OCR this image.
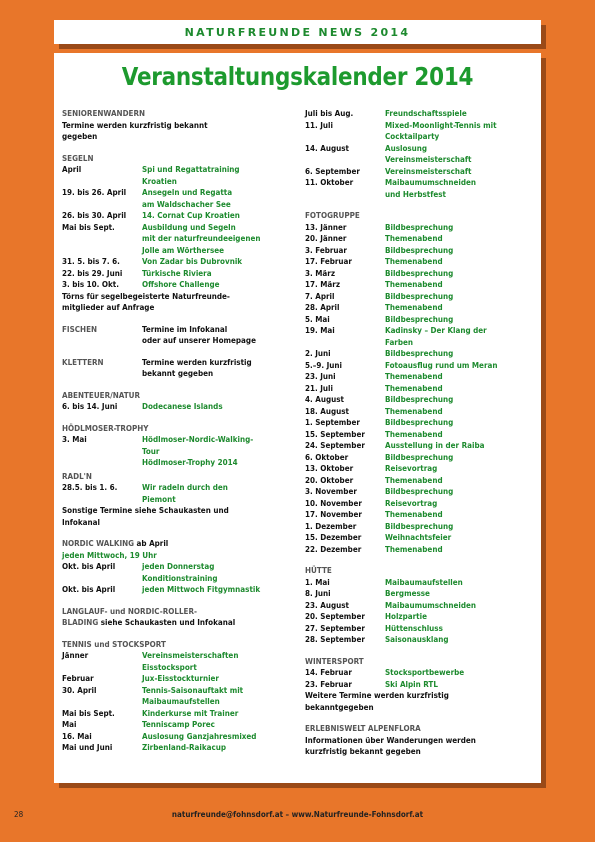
NATURFREUNDE NEWS 2014
Veranstaltungskalender 2014
SENIORENWANDERN
Termine werden kurzfristig bekannt
gegeben
SEGELN
April	Spi und Regattatraining
Kroatien
19. bis 26. April	Ansegeln und Regatta
am Waldschacher See
26. bis 30. April	14. Cornat Cup Kroatien
Mai bis Sept.	Ausbildung und Segeln
mit der naturfreundeeigenen
Jolle am Wörthersee
31. 5. bis 7. 6.	Von Zadar bis Dubrovnik
22. bis 29. Juni	Türkische Riviera
3. bis 10. Okt.	Offshore Challenge
Törns für segelbegeisterte Naturfreunde-
mitglieder auf Anfrage
FISCHEN	Termine im Infokanal
oder auf unserer Homepage
KLETTERN	Termine werden kurzfristig
bekannt gegeben
ABENTEUER/NATUR
6. bis 14. Juni	Dodecanese Islands
HÖDLMOSER-TROPHY
3. Mai	Hödlmoser-Nordic-Walking-
Tour
Hödlmoser-Trophy 2014
RADL'N
28.5. bis 1. 6.	Wir radeln durch den
Piemont
Sonstige Termine siehe Schaukasten und
Infokanal
NORDIC WALKING ab April
jeden Mittwoch, 19 Uhr
Okt. bis April	jeden Donnerstag
Konditionstraining
Okt. bis April	jeden Mittwoch Fitgymnastik
LANGLAUF- und NORDIC-ROLLER-
BLADING siehe Schaukasten und Infokanal
TENNIS und STOCKSPORT
Jänner	Vereinsmeisterschaften
Eisstocksport
Februar	Jux-Eisstockturnier
30. April	Tennis-Saisonauftakt mit
Maibaumaufstellen
Mai bis Sept.	Kinderkurse mit Trainer
Mai	Tenniscamp Porec
16. Mai	Auslosung Ganzjahresmixed
Mai und Juni	Zirbenland-Raikacup
Juli bis Aug.	Freundschaftsspiele
11. Juli	Mixed-Moonlight-Tennis mit
Cocktailparty
14. August	Auslosung
Vereinsmeisterschaft
6. September	Vereinsmeisterschaft
11. Oktober	Maibaumumschneiden
und Herbstfest
FOTOGRUPPE
13. Jänner	Bildbesprechung
20. Jänner	Themenabend
3. Februar	Bildbesprechung
17. Februar	Themenabend
3. März	Bildbesprechung
17. März	Themenabend
7. April	Bildbesprechung
28. April	Themenabend
5. Mai	Bildbesprechung
19. Mai	Kadinsky – Der Klang der
Farben
2. Juni	Bildbesprechung
5.–9. Juni	Fotoausflug rund um Meran
23. Juni	Themenabend
21. Juli	Themenabend
4. August	Bildbesprechung
18. August	Themenabend
1. September	Bildbesprechung
15. September	Themenabend
24. September	Ausstellung in der Raiba
6. Oktober	Bildbesprechung
13. Oktober	Reisevortrag
20. Oktober	Themenabend
3. November	Bildbesprechung
10. November	Reisevortrag
17. November	Themenabend
1. Dezember	Bildbesprechung
15. Dezember	Weihnachtsfeier
22. Dezember	Themenabend
HÜTTE
1. Mai	Maibaumaufstellen
8. Juni	Bergmesse
23. August	Maibaumumschneiden
20. September	Holzpartie
27. September	Hüttenschluss
28. September	Saisonausklang
WINTERSPORT
14. Februar	Stocksportbewerbe
23. Februar	Ski Alpin RTL
Weitere Termine werden kurzfristig
bekanntgegeben
ERLEBNISWELT ALPENFLORA
Informationen über Wanderungen werden
kurzfristig bekannt gegeben
28	naturfreunde@fohnsdorf.at – www.Naturfreunde-Fohnsdorf.at
